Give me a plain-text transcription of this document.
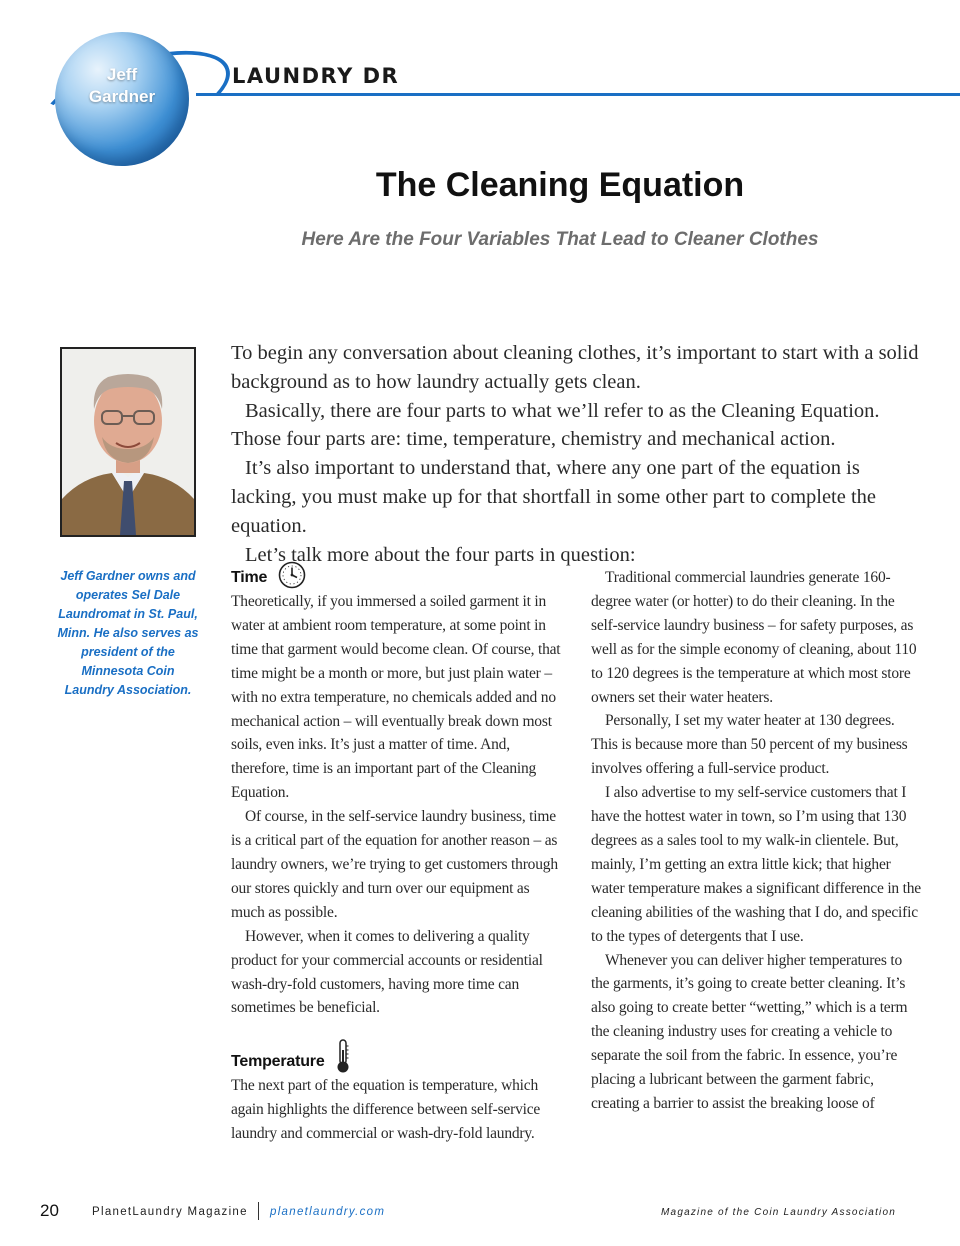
Jeff
Gardner
LAUNDRY DR
The Cleaning Equation
Here Are the Four Variables That Lead to Cleaner Clothes
Jeff Gardner owns and operates Sel Dale Laundromat in St. Paul, Minn. He also serves as president of the Minnesota Coin Laundry Association.

To begin any conversation about cleaning clothes, it’s important to start with a solid background as to how laundry actually gets clean.

Basically, there are four parts to what we’ll refer to as the Cleaning Equation. Those four parts are: time, temperature, chemistry and mechanical action.

It’s also important to understand that, where any one part of the equation is lacking, you must make up for that shortfall in some other part to complete the equation.

Let’s talk more about the four parts in question:

Time

Theoretically, if you immersed a soiled garment it in water at ambient room temperature, at some point in time that garment would become clean. Of course, that time might be a month or more, but just plain water – with no extra temperature, no chemicals added and no mechanical action – will eventually break down most soils, even inks. It’s just a matter of time. And, therefore, time is an important part of the Cleaning Equation.

Of course, in the self-service laundry business, time is a critical part of the equation for another reason – as laundry owners, we’re trying to get customers through our stores quickly and turn over our equipment as much as possible.

However, when it comes to delivering a quality product for your commercial accounts or residential wash-dry-fold customers, having more time can sometimes be beneficial.

Temperature

The next part of the equation is temperature, which again highlights the difference between self-service laundry and commercial or wash-dry-fold laundry.

Traditional commercial laundries generate 160-degree water (or hotter) to do their cleaning. In the self-service laundry business – for safety purposes, as well as for the simple economy of cleaning, about 110 to 120 degrees is the temperature at which most store owners set their water heaters.

Personally, I set my water heater at 130 degrees. This is because more than 50 percent of my business involves offering a full-service product.

I also advertise to my self-service customers that I have the hottest water in town, so I’m using that 130 degrees as a sales tool to my walk-in clientele. But, mainly, I’m getting an extra little kick; that higher water temperature makes a significant difference in the cleaning abilities of the washing that I do, and specific to the types of detergents that I use.

Whenever you can deliver higher temperatures to the garments, it’s going to create better cleaning. It’s also going to create better “wetting,” which is a term the cleaning industry uses for creating a vehicle to separate the soil from the fabric. In essence, you’re placing a lubricant between the garment fabric, creating a barrier to assist the breaking loose of

20	PlanetLaundry Magazine planetlaundry.com	Magazine of the Coin Laundry Association
